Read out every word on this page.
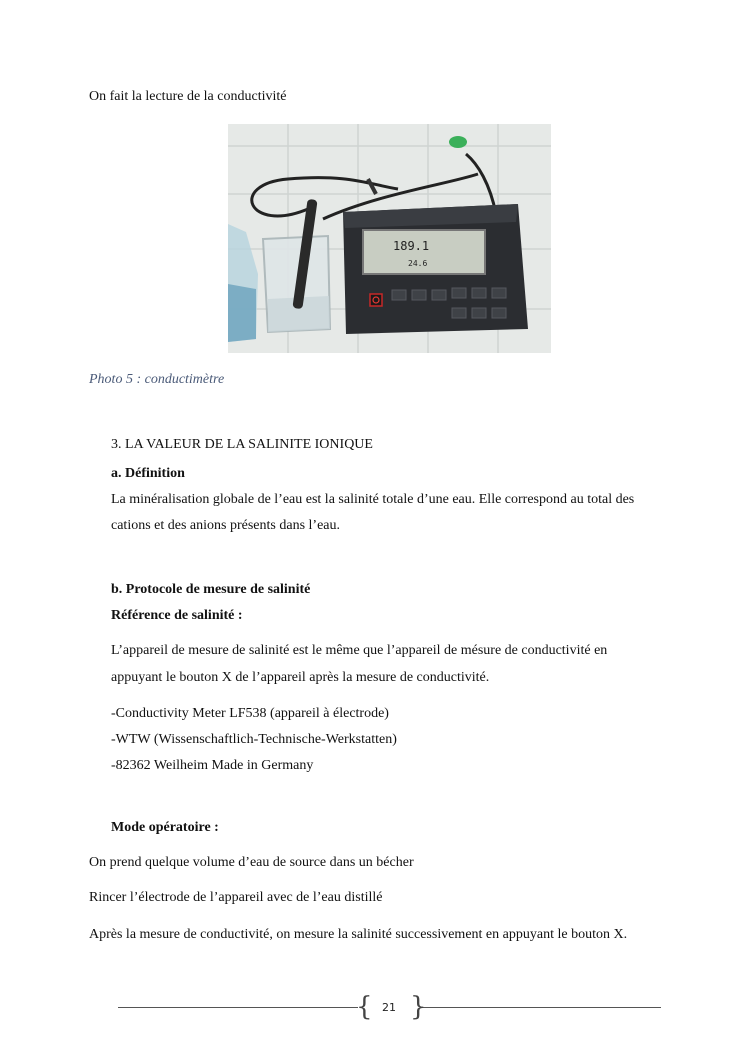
On fait la lecture de la conductivité
189.1
24.6
Photo 5 : conductimètre
3. LA VALEUR DE LA SALINITE IONIQUE
a. Définition
La minéralisation globale de l’eau est la salinité totale d’une eau. Elle correspond au total des
cations et des anions présents dans l’eau.
b. Protocole de mesure de salinité
Référence de salinité :
L’appareil de mesure de salinité est le même que l’appareil de mésure de conductivité en
appuyant le bouton X de l’appareil après la mesure de conductivité.
-Conductivity Meter LF538 (appareil à électrode)
-WTW (Wissenschaftlich-Technische-Werkstatten)
-82362 Weilheim Made in Germany
Mode opératoire :
On prend quelque volume d’eau de source dans un bécher
Rincer l’électrode de l’appareil avec de l’eau distillé
Après la mesure de conductivité, on mesure la salinité successivement en appuyant le bouton X.
{ }
21
